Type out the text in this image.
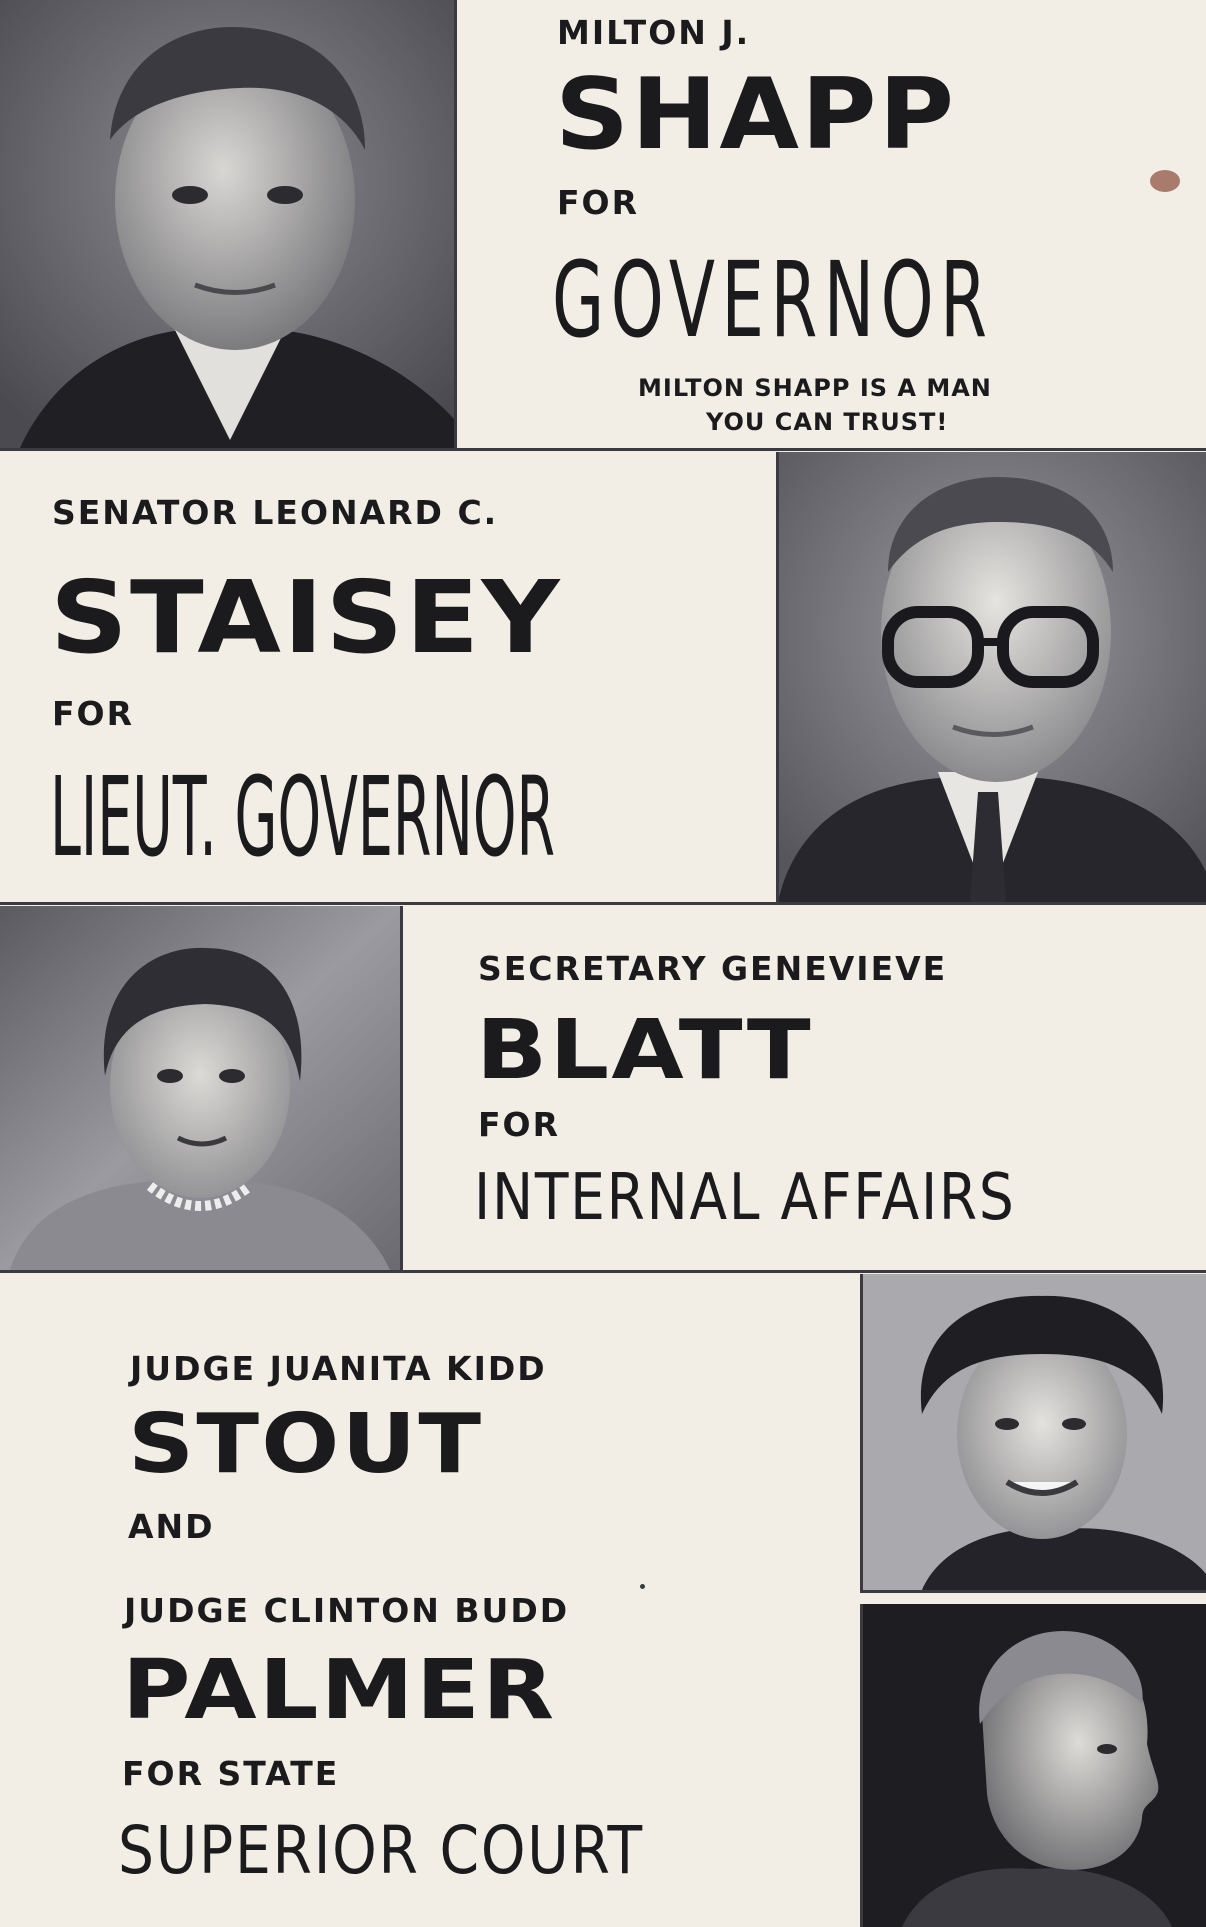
MILTON J.
SHAPP
FOR
GOVERNOR
MILTON SHAPP IS A MAN
YOU CAN TRUST!
SENATOR LEONARD C.
STAISEY
FOR
LIEUT. GOVERNOR
SECRETARY GENEVIEVE
BLATT
FOR
INTERNAL AFFAIRS
JUDGE JUANITA KIDD
STOUT
AND
JUDGE CLINTON BUDD
PALMER
FOR STATE
SUPERIOR COURT
